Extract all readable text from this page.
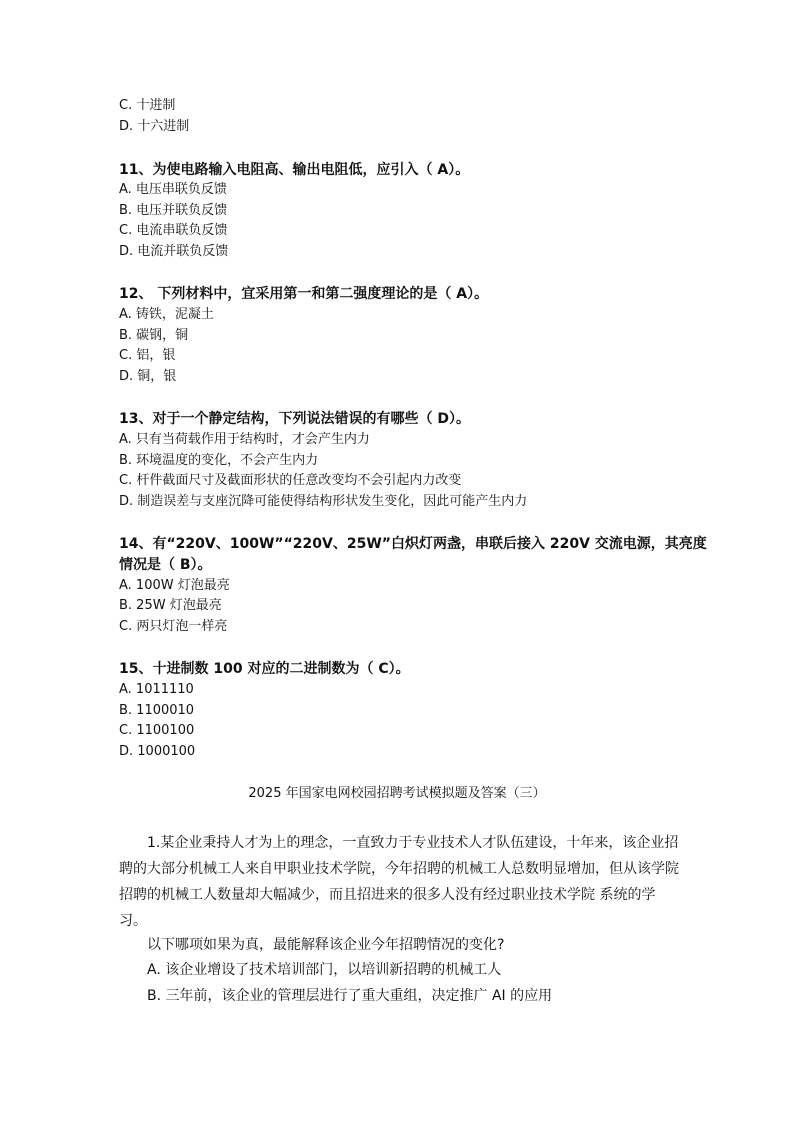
C. 十进制
D. 十六进制
11、为使电路输入电阻高、输出电阻低，应引入（ A）。
A. 电压串联负反馈
B. 电压并联负反馈
C. 电流串联负反馈
D. 电流并联负反馈
12、 下列材料中，宜采用第一和第二强度理论的是（ A）。
A. 铸铁，泥凝土
B. 碳钢，铜
C. 铝，银
D. 铜，银
13、对于一个静定结构，下列说法错误的有哪些（ D）。
A. 只有当荷载作用于结构时，才会产生内力
B. 环境温度的变化，不会产生内力
C. 杆件截面尺寸及截面形状的任意改变均不会引起内力改变
D. 制造误差与支座沉降可能使得结构形状发生变化，因此可能产生内力
14、有“220V、100W”“220V、25W”白炽灯两盏，串联后接入 220V 交流电源，其亮度
情况是（ B）。
A. 100W 灯泡最亮
B. 25W 灯泡最亮
C. 两只灯泡一样亮
15、十进制数 100 对应的二进制数为（ C）。
A. 1011110
B. 1100010
C. 1100100
D. 1000100
2025 年国家电网校园招聘考试模拟题及答案（三）
1.某企业秉持人才为上的理念，一直致力于专业技术人才队伍建设，十年来，该企业招聘的大部分机械工人来自甲职业技术学院，今年招聘的机械工人总数明显增加，但从该学院招聘的机械工人数量却大幅减少，而且招进来的很多人没有经过职业技术学院 系统的学习。
以下哪项如果为真，最能解释该企业今年招聘情况的变化?
A. 该企业增设了技术培训部门，以培训新招聘的机械工人
B. 三年前，该企业的管理层进行了重大重组，决定推广 AI 的应用
